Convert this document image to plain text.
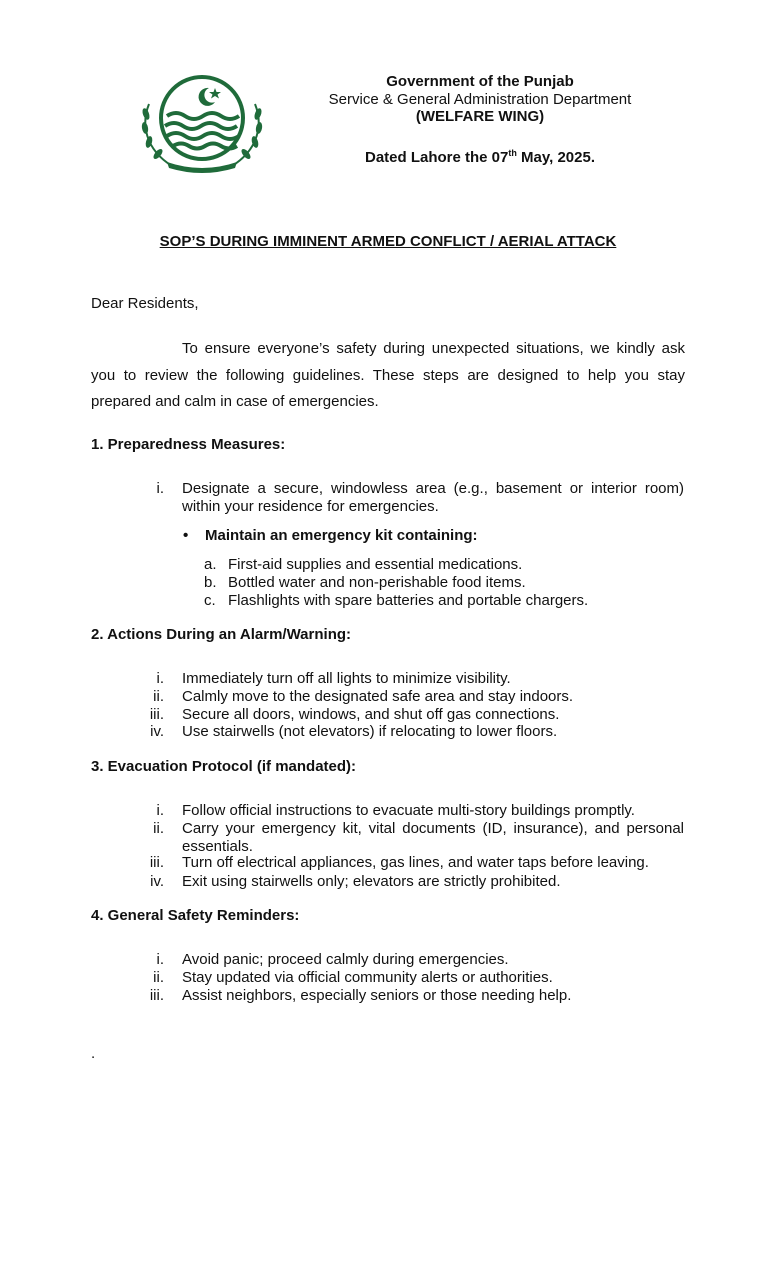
Government of the Punjab
Service & General Administration Department
(WELFARE WING)
Dated Lahore the 07th May, 2025.
SOP’S DURING IMMINENT ARMED CONFLICT / AERIAL ATTACK
Dear Residents,
To ensure everyone’s safety during unexpected situations, we kindly ask you to review the following guidelines. These steps are designed to help you stay prepared and calm in case of emergencies.
1. Preparedness Measures:
i. Designate a secure, windowless area (e.g., basement or interior room) within your residence for emergencies.
• Maintain an emergency kit containing:
a. First-aid supplies and essential medications.
b. Bottled water and non-perishable food items.
c. Flashlights with spare batteries and portable chargers.
2. Actions During an Alarm/Warning:
i. Immediately turn off all lights to minimize visibility.
ii. Calmly move to the designated safe area and stay indoors.
iii. Secure all doors, windows, and shut off gas connections.
iv. Use stairwells (not elevators) if relocating to lower floors.
3. Evacuation Protocol (if mandated):
i. Follow official instructions to evacuate multi-story buildings promptly.
ii. Carry your emergency kit, vital documents (ID, insurance), and personal essentials.
iii. Turn off electrical appliances, gas lines, and water taps before leaving.
iv. Exit using stairwells only; elevators are strictly prohibited.
4. General Safety Reminders:
i. Avoid panic; proceed calmly during emergencies.
ii. Stay updated via official community alerts or authorities.
iii. Assist neighbors, especially seniors or those needing help.
.
